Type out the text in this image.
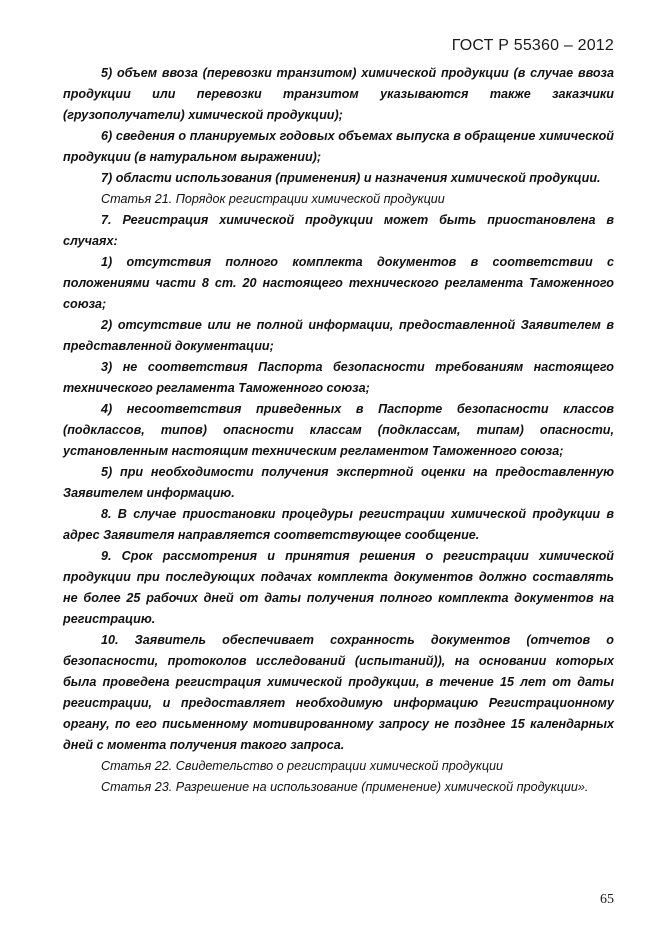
ГОСТ Р 55360 – 2012

5) объем ввоза (перевозки транзитом) химической продукции (в случае ввоза продукции или перевозки транзитом указываются также заказчики (грузополучатели) химической продукции);

6) сведения о планируемых годовых объемах выпуска в обращение химической продукции (в натуральном выражении);

7) области использования (применения) и назначения химической продукции.

Статья 21. Порядок регистрации химической продукции

7. Регистрация химической продукции может быть приостановлена в случаях:

1) отсутствия полного комплекта документов в соответствии с положениями части 8 ст. 20 настоящего технического регламента Таможенного союза;

2) отсутствие или не полной информации, предоставленной Заявителем в представленной документации;

3) не соответствия Паспорта безопасности требованиям настоящего технического регламента Таможенного союза;

4) несоответствия приведенных в Паспорте безопасности классов (подклассов, типов) опасности классам (подклассам, типам) опасности, установленным настоящим техническим регламентом Таможенного союза;

5) при необходимости получения экспертной оценки на предоставленную Заявителем информацию.

8. В случае приостановки процедуры регистрации химической продукции в адрес Заявителя направляется соответствующее сообщение.

9. Срок рассмотрения и принятия решения о регистрации химической продукции при последующих подачах комплекта документов должно составлять не более 25 рабочих дней от даты получения полного комплекта документов на регистрацию.

10. Заявитель обеспечивает сохранность документов (отчетов о безопасности, протоколов исследований (испытаний)), на основании которых была проведена регистрация химической продукции, в течение 15 лет от даты регистрации, и предоставляет необходимую информацию Регистрационному органу, по его письменному мотивированному запросу не позднее 15 календарных дней с момента получения такого запроса.

Статья 22. Свидетельство о регистрации химической продукции

Статья 23. Разрешение на использование (применение) химической продукции».

65
